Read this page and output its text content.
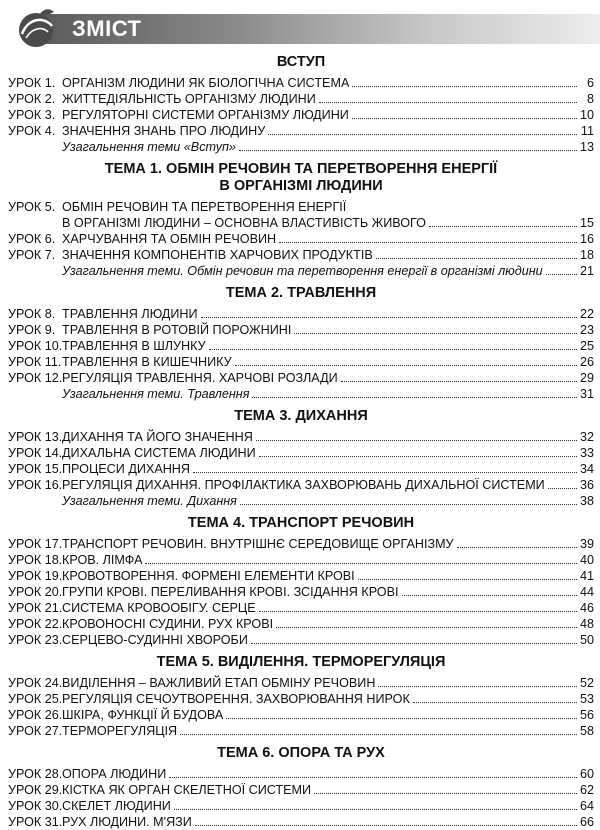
ЗМІСТ
ВСТУП
УРОК 1. ОРГАНІЗМ ЛЮДИНИ ЯК БІОЛОГІЧНА СИСТЕМА	6
УРОК 2. ЖИТТЕДІЯЛЬНІСТЬ ОРГАНІЗМУ ЛЮДИНИ	8
УРОК 3. РЕГУЛЯТОРНІ СИСТЕМИ ОРГАНІЗМУ ЛЮДИНИ	10
УРОК 4. ЗНАЧЕННЯ ЗНАНЬ ПРО ЛЮДИНУ	11
Узагальнення теми «Вступ»	13
ТЕМА 1. ОБМІН РЕЧОВИН ТА ПЕРЕТВОРЕННЯ ЕНЕРГІЇ
В ОРГАНІЗМІ ЛЮДИНИ
УРОК 5. ОБМІН РЕЧОВИН ТА ПЕРЕТВОРЕННЯ ЕНЕРГІЇ
В ОРГАНІЗМІ ЛЮДИНИ – ОСНОВНА ВЛАСТИВІСТЬ ЖИВОГО	15
УРОК 6. ХАРЧУВАННЯ ТА ОБМІН РЕЧОВИН	16
УРОК 7. ЗНАЧЕННЯ КОМПОНЕНТІВ ХАРЧОВИХ ПРОДУКТІВ	18
Узагальнення теми. Обмін речовин та перетворення енергії в організмі людини	21
ТЕМА 2. ТРАВЛЕННЯ
УРОК 8. ТРАВЛЕННЯ ЛЮДИНИ	22
УРОК 9. ТРАВЛЕННЯ В РОТОВІЙ ПОРОЖНИНІ	23
УРОК 10. ТРАВЛЕННЯ В ШЛУНКУ	25
УРОК 11. ТРАВЛЕННЯ В КИШЕЧНИКУ	26
УРОК 12. РЕГУЛЯЦІЯ ТРАВЛЕННЯ. ХАРЧОВІ РОЗЛАДИ	29
Узагальнення теми. Травлення	31
ТЕМА 3. ДИХАННЯ
УРОК 13. ДИХАННЯ ТА ЙОГО ЗНАЧЕННЯ	32
УРОК 14. ДИХАЛЬНА СИСТЕМА ЛЮДИНИ	33
УРОК 15. ПРОЦЕСИ ДИХАННЯ	34
УРОК 16. РЕГУЛЯЦІЯ ДИХАННЯ. ПРОФІЛАКТИКА ЗАХВОРЮВАНЬ ДИХАЛЬНОЇ СИСТЕМИ	36
Узагальнення теми. Дихання	38
ТЕМА 4. ТРАНСПОРТ РЕЧОВИН
УРОК 17. ТРАНСПОРТ РЕЧОВИН. ВНУТРІШНЄ СЕРЕДОВИЩЕ ОРГАНІЗМУ	39
УРОК 18. КРОВ. ЛІМФА	40
УРОК 19. КРОВОТВОРЕННЯ. ФОРМЕНІ ЕЛЕМЕНТИ КРОВІ	41
УРОК 20. ГРУПИ КРОВІ. ПЕРЕЛИВАННЯ КРОВІ. ЗСІДАННЯ КРОВІ	44
УРОК 21. СИСТЕМА КРОВООБІГУ. СЕРЦЕ	46
УРОК 22. КРОВОНОСНІ СУДИНИ. РУХ КРОВІ	48
УРОК 23. СЕРЦЕВО-СУДИННІ ХВОРОБИ	50
ТЕМА 5. ВИДІЛЕННЯ. ТЕРМОРЕГУЛЯЦІЯ
УРОК 24. ВИДІЛЕННЯ – ВАЖЛИВИЙ ЕТАП ОБМІНУ РЕЧОВИН	52
УРОК 25. РЕГУЛЯЦІЯ СЕЧОУТВОРЕННЯ. ЗАХВОРЮВАННЯ НИРОК	53
УРОК 26. ШКІРА, ФУНКЦІЇ Й БУДОВА	56
УРОК 27. ТЕРМОРЕГУЛЯЦІЯ	58
ТЕМА 6. ОПОРА ТА РУХ
УРОК 28. ОПОРА ЛЮДИНИ	60
УРОК 29. КІСТКА ЯК ОРГАН СКЕЛЕТНОЇ СИСТЕМИ	62
УРОК 30. СКЕЛЕТ ЛЮДИНИ	64
УРОК 31. РУХ ЛЮДИНИ. М'ЯЗИ	66
